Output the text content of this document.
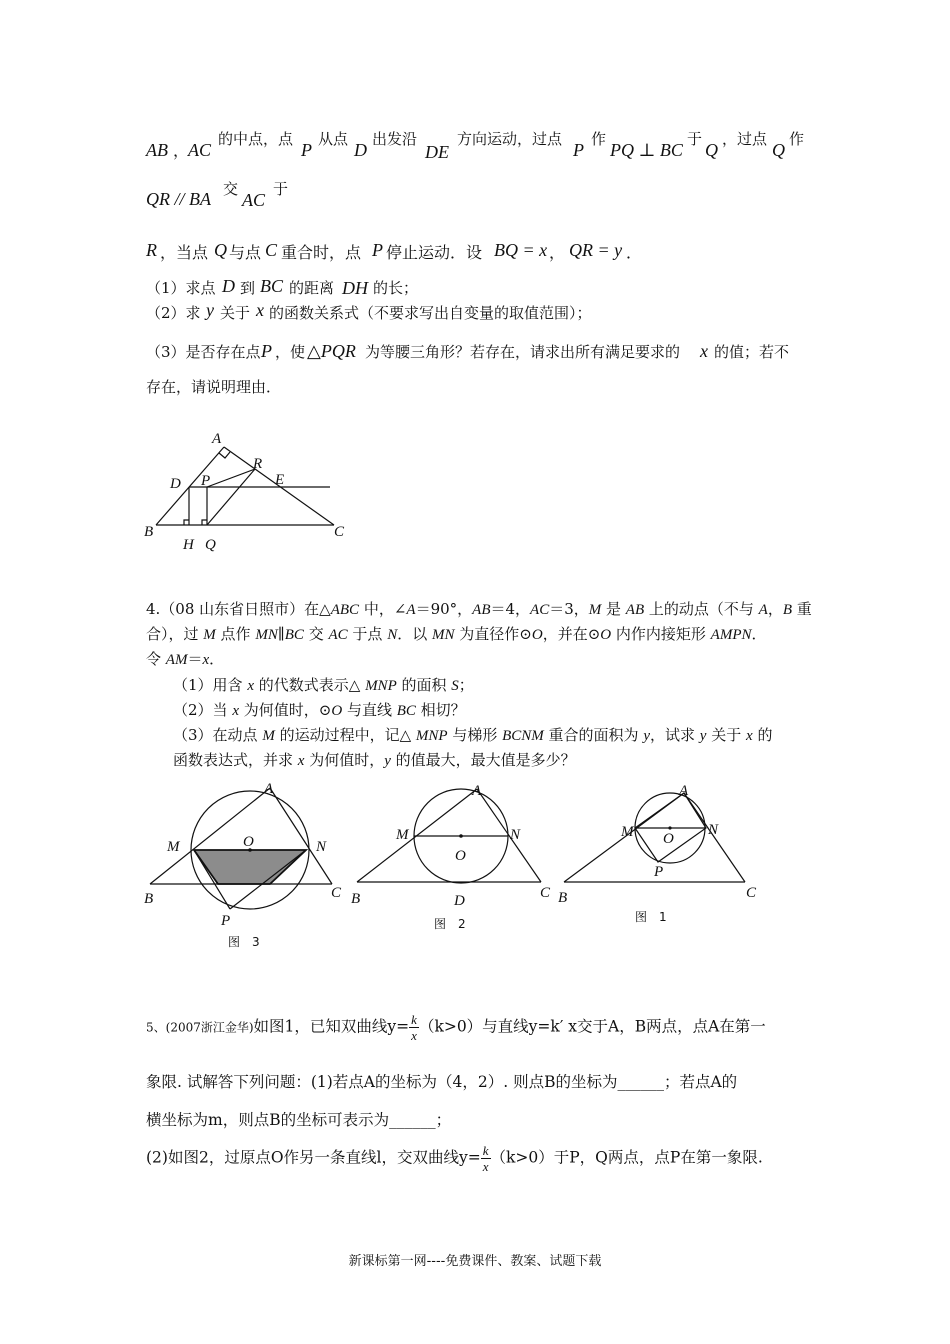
AB ，
AC
的中点，点
P
从点
D
出发沿
DE
方向运动，过点
P
作
PQ ⊥ BC
于
Q
，过点
Q
作
QR // BA 交
AC
于
R ，当点 Q 与点 C 重合时，点 P 停止运动．设 BQ = x ， QR = y ．
（1）求点 D 到 BC 的距离 DH 的长；
（2）求 y 关于 x 的函数关系式（不要求写出自变量的取值范围）；
（3）是否存在点 P ，使 △PQR 为等腰三角形？若存在，请求出所有满足要求的 x 的值；若不
存在，请说明理由．
A
R
D P	E
B	C
H Q
4.（08 山东省日照市）在△ABC 中，∠A＝90°，AB＝4，AC＝3，M 是 AB 上的动点（不与 A，B 重
合），过 M 点作 MN∥BC 交 AC 于点 N．以 MN 为直径作⊙O，并在⊙O 内作内接矩形 AMPN．
令 AM＝x．
（1）用含 x 的代数式表示△ MNP 的面积 S；
（2）当 x 为何值时，⊙O 与直线 BC 相切？
（3）在动点 M 的运动过程中，记△ MNP 与梯形 BCNM 重合的面积为 y，试求 y 关于 x 的
函数表达式，并求 x 为何值时，y 的值最大，最大值是多少？
A
M	O	N
B	C
P
图　3
A
M	N
O
B	C
D
图　2
A
M O
N
P
B	C
图　1
5、(2007浙江金华)如图1，已知双曲线$y= \frac{k}{x} (k>0)$与直线y=k′ x交于A，B两点，点A在第一
象限. 试解答下列问题：(1)若点A的坐标为（4，2）. 则点B的坐标为______；若点A的
横坐标为m，则点B的坐标可表示为______；
(2)如图2，过原点O作另一条直线l，交双曲线$y= \frac{k}{x} (k>0)$于P，Q两点，点P在第一象限.
新课标第一网----免费课件、教案、试题下载
